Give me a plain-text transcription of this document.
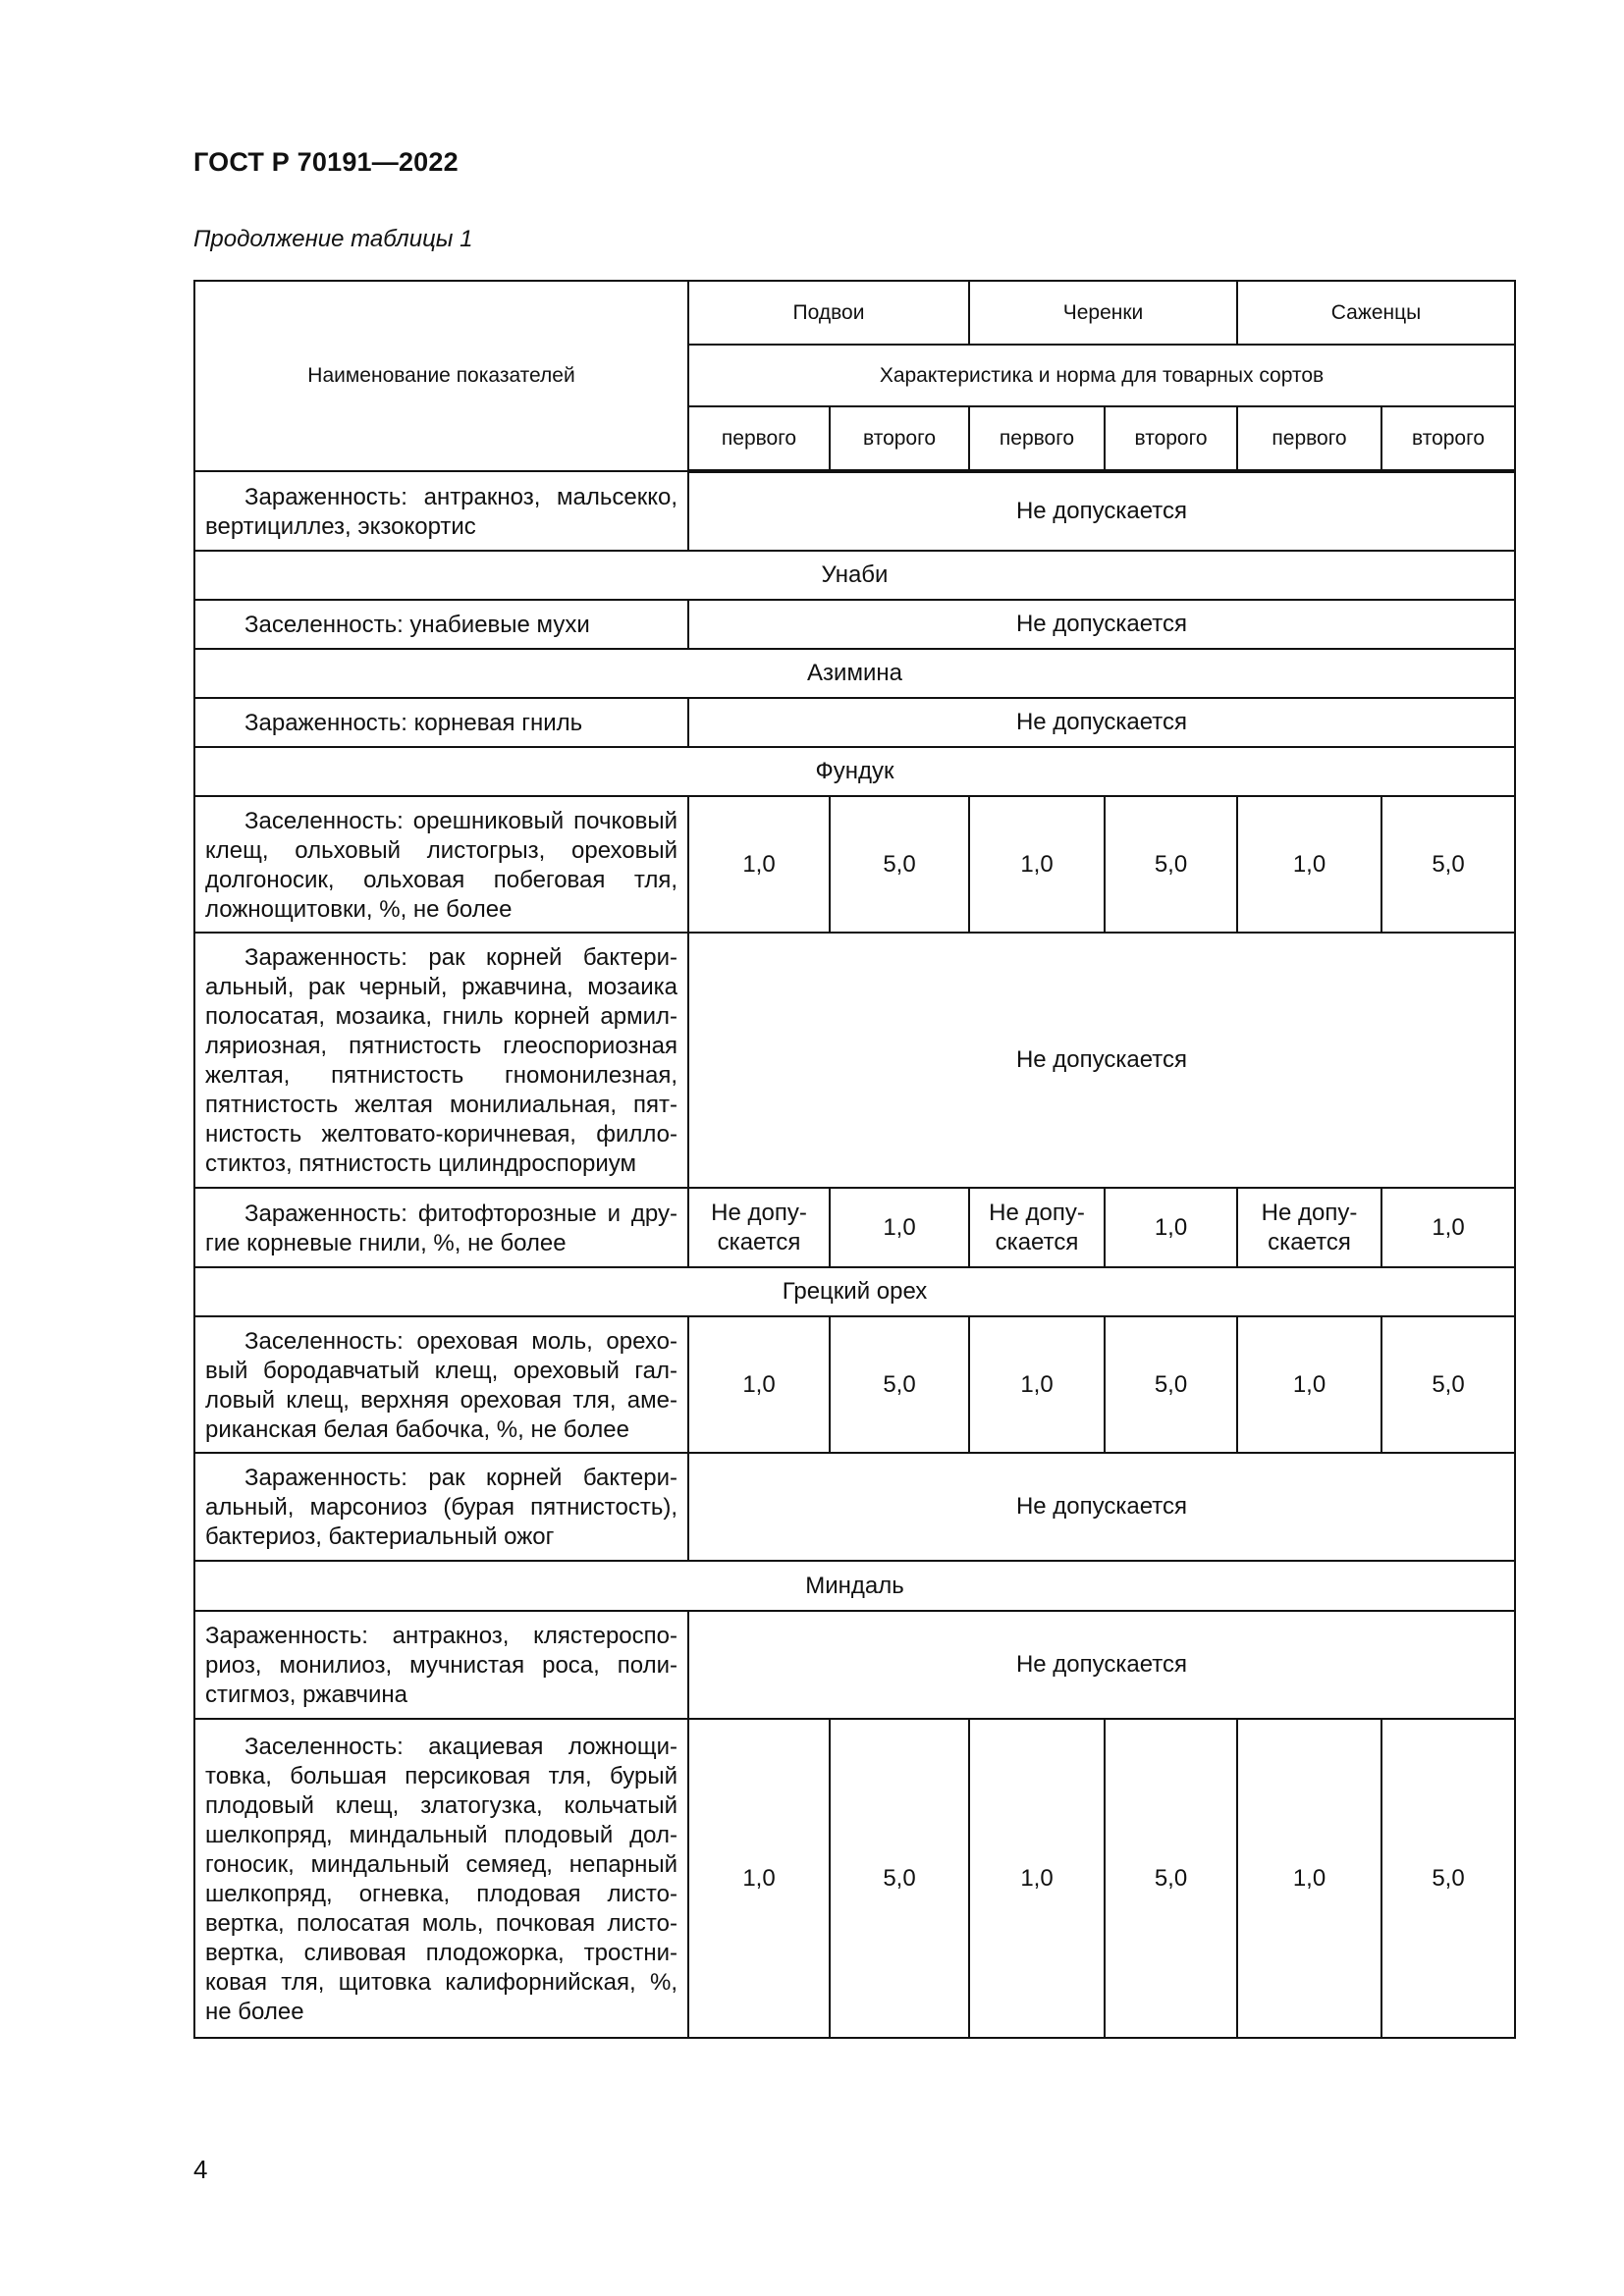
ГОСТ Р 70191—2022
Продолжение таблицы 1
Наименование показателей	Подвои		Черенки		Саженцы	
	Характеристика и норма для товарных сортов					
	первого	второго	первого	второго	первого	второго
Зараженность: антракноз, мальсекко, вертициллез, экзокортис	Не допускается					
Унаби						
Заселенность: унабиевые мухи	Не допускается					
Азимина						
Зараженность: корневая гниль	Не допускается					
Фундук						
Заселенность: орешниковый почковый клещ, ольховый листогрыз, ореховый долгоносик, ольховая побеговая тля, ложнощитовки, %, не более	1,0	5,0	1,0	5,0	1,0	5,0
Зараженность: рак корней бактериальный, рак черный, ржавчина, мозаика полосатая, мозаика, гниль корней армилляриозная, пятнистость глеоспориозная желтая, пятнистость гномонилезная, пятнистость желтая монилиальная, пятнистость желтовато-коричневая, филлостиктоз, пятнистость цилиндроспориум	Не допускается					
Зараженность: фитофторозные и другие корневые гнили, %, не более	Не допускается	1,0	Не допускается	1,0	Не допускается	1,0
Грецкий орех						
Заселенность: ореховая моль, ореховый бородавчатый клещ, ореховый галловый клещ, верхняя ореховая тля, американская белая бабочка, %, не более	1,0	5,0	1,0	5,0	1,0	5,0
Зараженность: рак корней бактериальный, марсониоз (бурая пятнистость), бактериоз, бактериальный ожог	Не допускается					
Миндаль						
Зараженность: антракноз, клястероспориоз, монилиоз, мучнистая роса, полистигмоз, ржавчина	Не допускается					
Заселенность: акациевая ложнощитовка, большая персиковая тля, бурый плодовый клещ, златогузка, кольчатый шелкопряд, миндальный плодовый долгоносик, миндальный семяед, непарный шелкопряд, огневка, плодовая листовертка, полосатая моль, почковая листовертка, сливовая плодожорка, тростниковая тля, щитовка калифорнийская, %, не более	1,0	5,0	1,0	5,0	1,0	5,0
4
